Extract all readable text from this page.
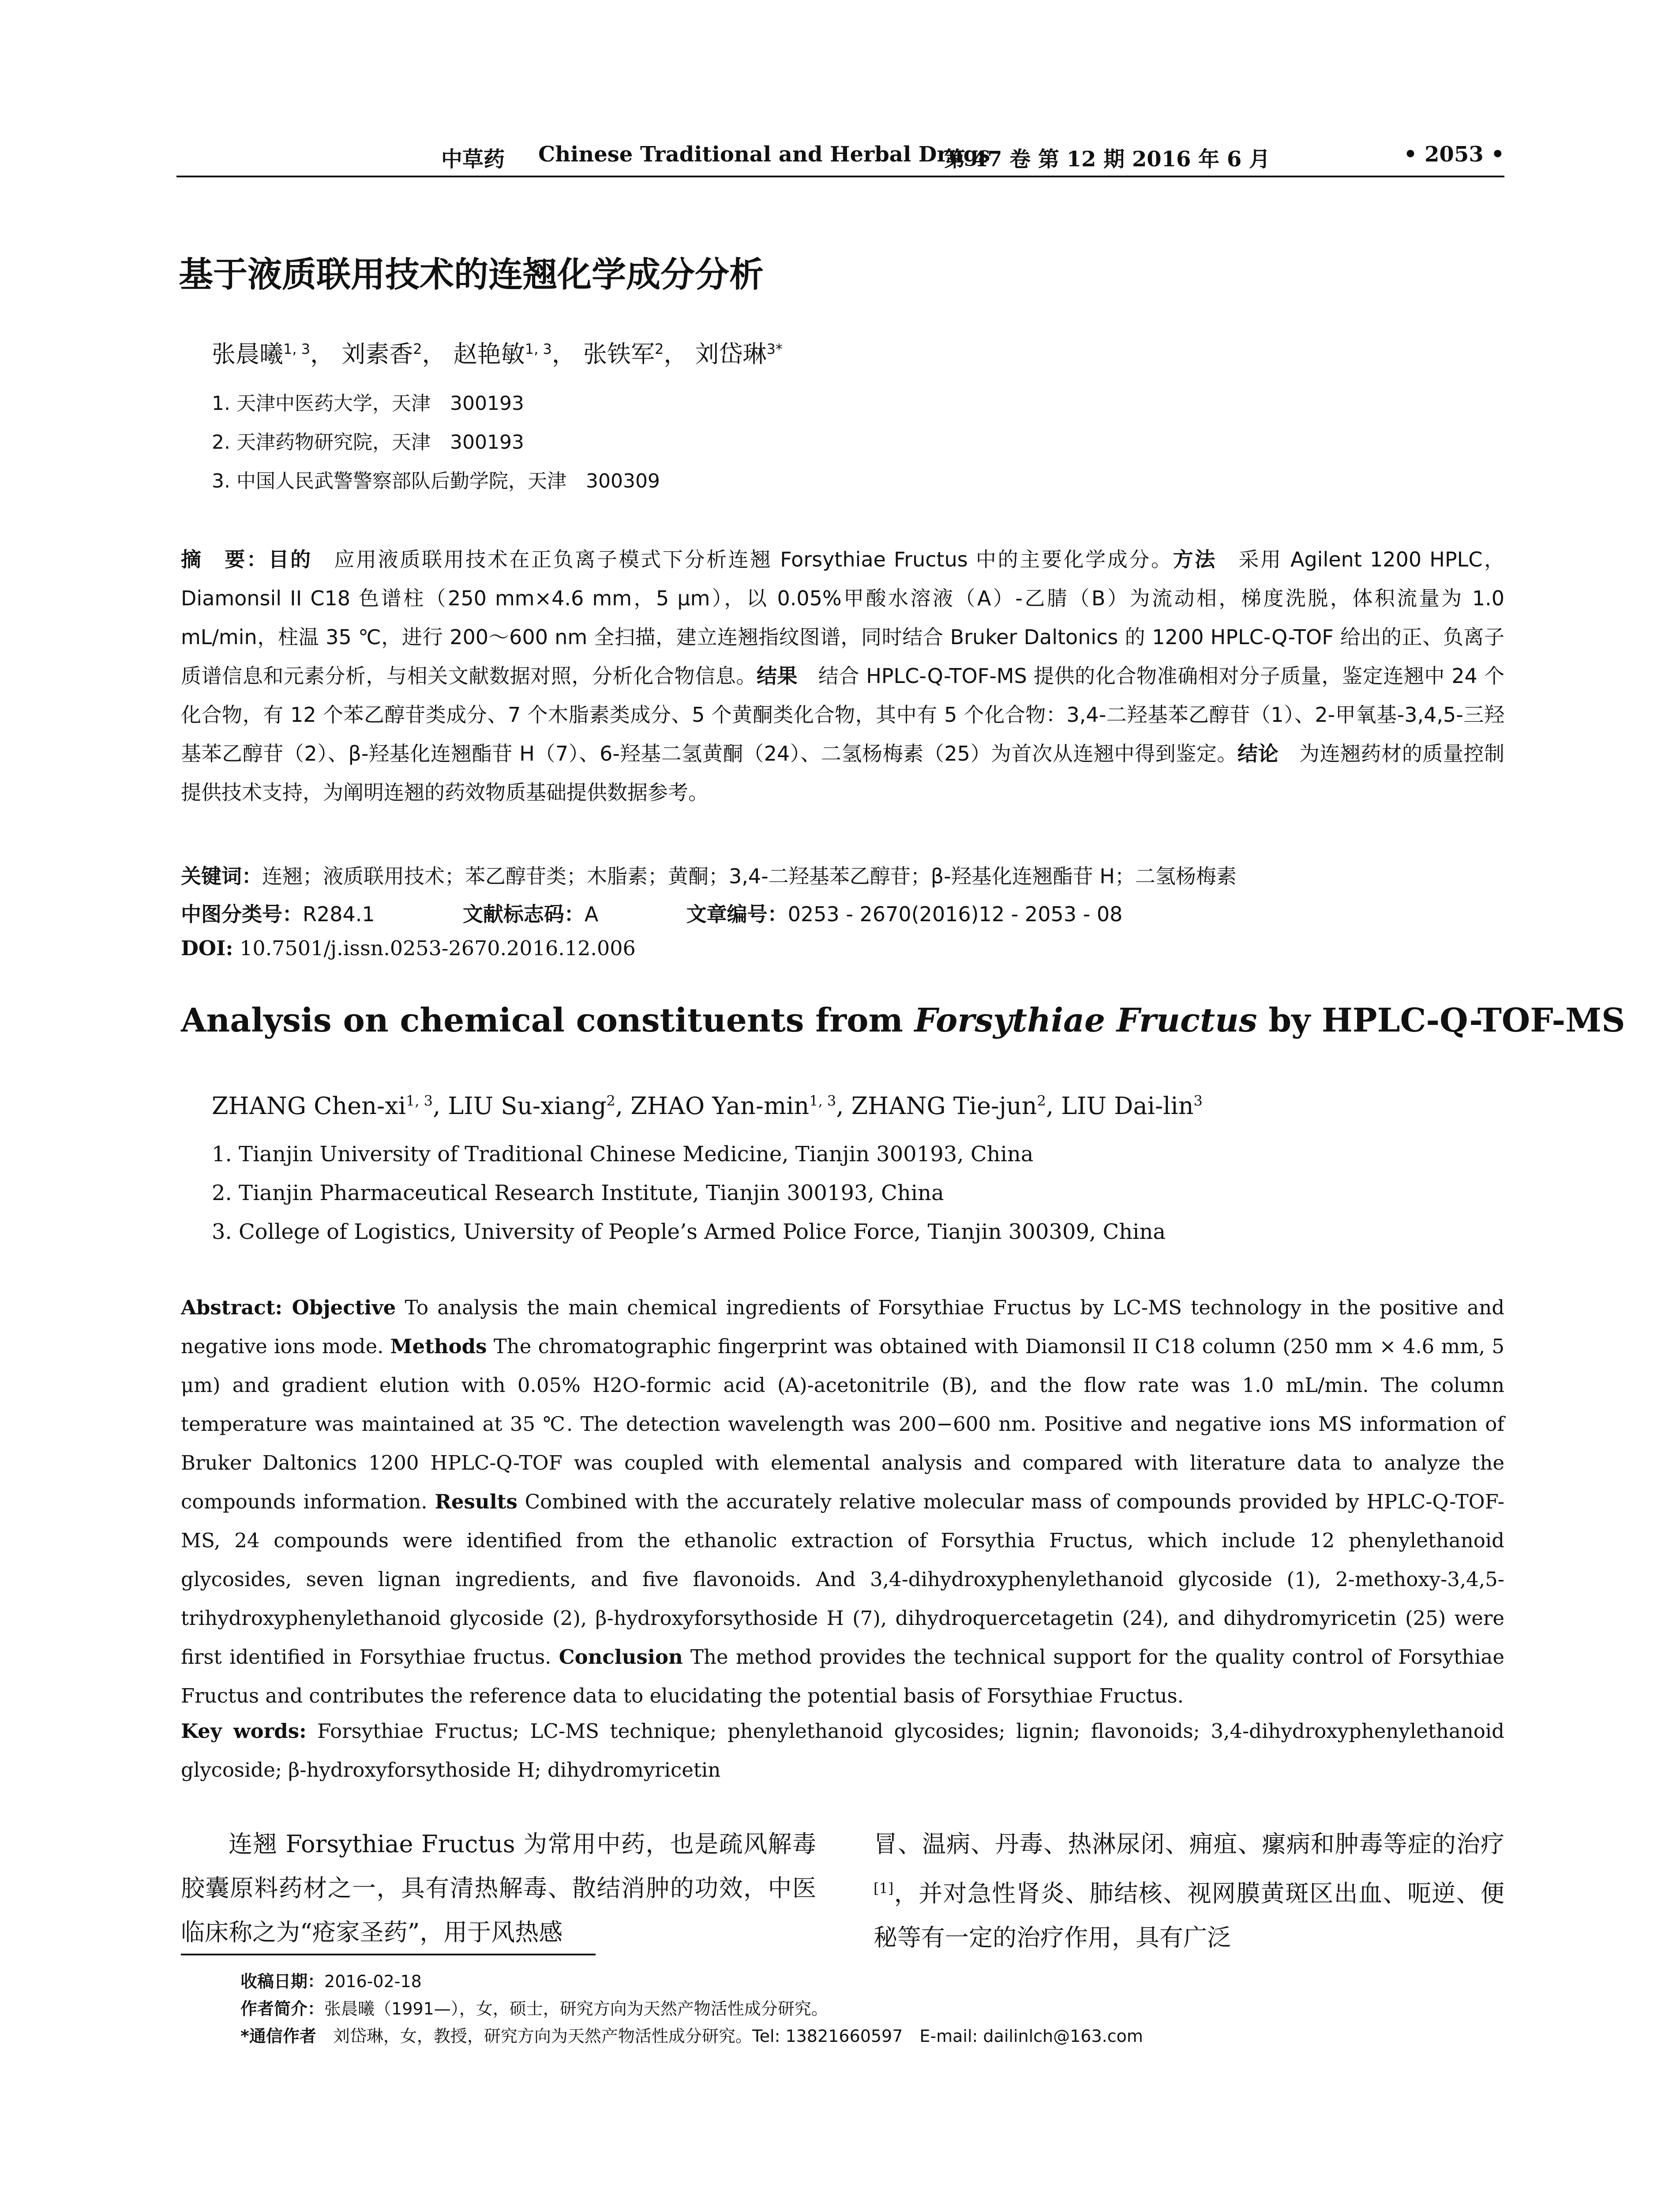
中草药 Chinese Traditional and Herbal Drugs
第 47 卷 第 12 期 2016 年 6 月	• 2053 •
基于液质联用技术的连翘化学成分分析
张晨曦$^{1, 3}$， 刘素香$^2$， 赵艳敏$^{1, 3}$， 张铁军$^2$， 刘岱琳$^{3*}$
1. 天津中医药大学，天津　300193
2. 天津药物研究院，天津　300193
3. 中国人民武警警察部队后勤学院，天津　300309
摘　要：目的　应用液质联用技术在正负离子模式下分析连翘 Forsythiae Fructus 中的主要化学成分。方法　采用 Agilent 1200 HPLC，Diamonsil II C18 色谱柱（250 mm×4.6 mm，5 μm），以 0.05%甲酸水溶液（A）-乙腈（B）为流动相，梯度洗脱，体积流量为 1.0 mL/min，柱温 35 ℃，进行 200～600 nm 全扫描，建立连翘指纹图谱，同时结合 Bruker Daltonics 的 1200 HPLC-Q-TOF 给出的正、负离子质谱信息和元素分析，与相关文献数据对照，分析化合物信息。结果　结合 HPLC-Q-TOF-MS 提供的化合物准确相对分子质量，鉴定连翘中 24 个化合物，有 12 个苯乙醇苷类成分、7 个木脂素类成分、5 个黄酮类化合物，其中有 5 个化合物：3,4-二羟基苯乙醇苷（1）、2-甲氧基-3,4,5-三羟基苯乙醇苷（2）、β-羟基化连翘酯苷 H（7）、6-羟基二氢黄酮（24）、二氢杨梅素（25）为首次从连翘中得到鉴定。结论　为连翘药材的质量控制提供技术支持，为阐明连翘的药效物质基础提供数据参考。
关键词：连翘；液质联用技术；苯乙醇苷类；木脂素；黄酮；3,4-二羟基苯乙醇苷；β-羟基化连翘酯苷 H；二氢杨梅素
中图分类号：R284.1	文献标志码：A	文章编号：0253 - 2670(2016)12 - 2053 - 08
DOI: 10.7501/j.issn.0253-2670.2016.12.006
Analysis on chemical constituents from Forsythiae Fructus by HPLC-Q-TOF-MS
ZHANG Chen-xi$^{1, 3}$, LIU Su-xiang$^2$, ZHAO Yan-$\min^{1, 3}$, ZHANG Tie-jun$^2$, LIU Dai-lin$^3$
1. Tianjin University of Traditional Chinese Medicine, Tianjin 300193, China
2. Tianjin Pharmaceutical Research Institute, Tianjin 300193, China
3. College of Logistics, University of People’s Armed Police Force, Tianjin 300309, China
Abstract: Objective To analysis the main chemical ingredients of Forsythiae Fructus by LC-MS technology in the positive and negative ions mode. Methods The chromatographic fingerprint was obtained with Diamonsil II C18 column (250 mm × 4.6 mm, 5 μm) and gradient elution with 0.05% H2O-formic acid (A)-acetonitrile (B), and the flow rate was 1.0 mL/min. The column temperature was maintained at 35 ℃. The detection wavelength was 200−600 nm. Positive and negative ions MS information of Bruker Daltonics 1200 HPLC-Q-TOF was coupled with elemental analysis and compared with literature data to analyze the compounds information. Results Combined with the accurately relative molecular mass of compounds provided by HPLC-Q-TOF-MS, 24 compounds were identified from the ethanolic extraction of Forsythia Fructus, which include 12 phenylethanoid glycosides, seven lignan ingredients, and five flavonoids. And 3,4-dihydroxyphenylethanoid glycoside (1), 2-methoxy-3,4,5-trihydroxyphenylethanoid glycoside (2), β-hydroxyforsythoside H (7), dihydroquercetagetin (24), and dihydromyricetin (25) were first identified in Forsythiae fructus. Conclusion The method provides the technical support for the quality control of Forsythiae Fructus and contributes the reference data to elucidating the potential basis of Forsythiae Fructus.
Key words: Forsythiae Fructus; LC-MS technique; phenylethanoid glycosides; lignin; flavonoids; 3,4-dihydroxyphenylethanoid glycoside; β-hydroxyforsythoside H; dihydromyricetin
连翘 Forsythiae Fructus 为常用中药，也是疏风解毒胶囊原料药材之一，具有清热解毒、散结消肿的功效，中医临床称之为“疮家圣药”，用于风热感
冒、温病、丹毒、热淋尿闭、痈疽、瘰病和肿毒等症的治疗[1]，并对急性肾炎、肺结核、视网膜黄斑区出血、呃逆、便秘等有一定的治疗作用，具有广泛
收稿日期：2016-02-18
作者简介：张晨曦（1991—），女，硕士，研究方向为天然产物活性成分研究。
*通信作者　刘岱琳，女，教授，研究方向为天然产物活性成分研究。Tel: 13821660597　E-mail: dailinlch@163.com
